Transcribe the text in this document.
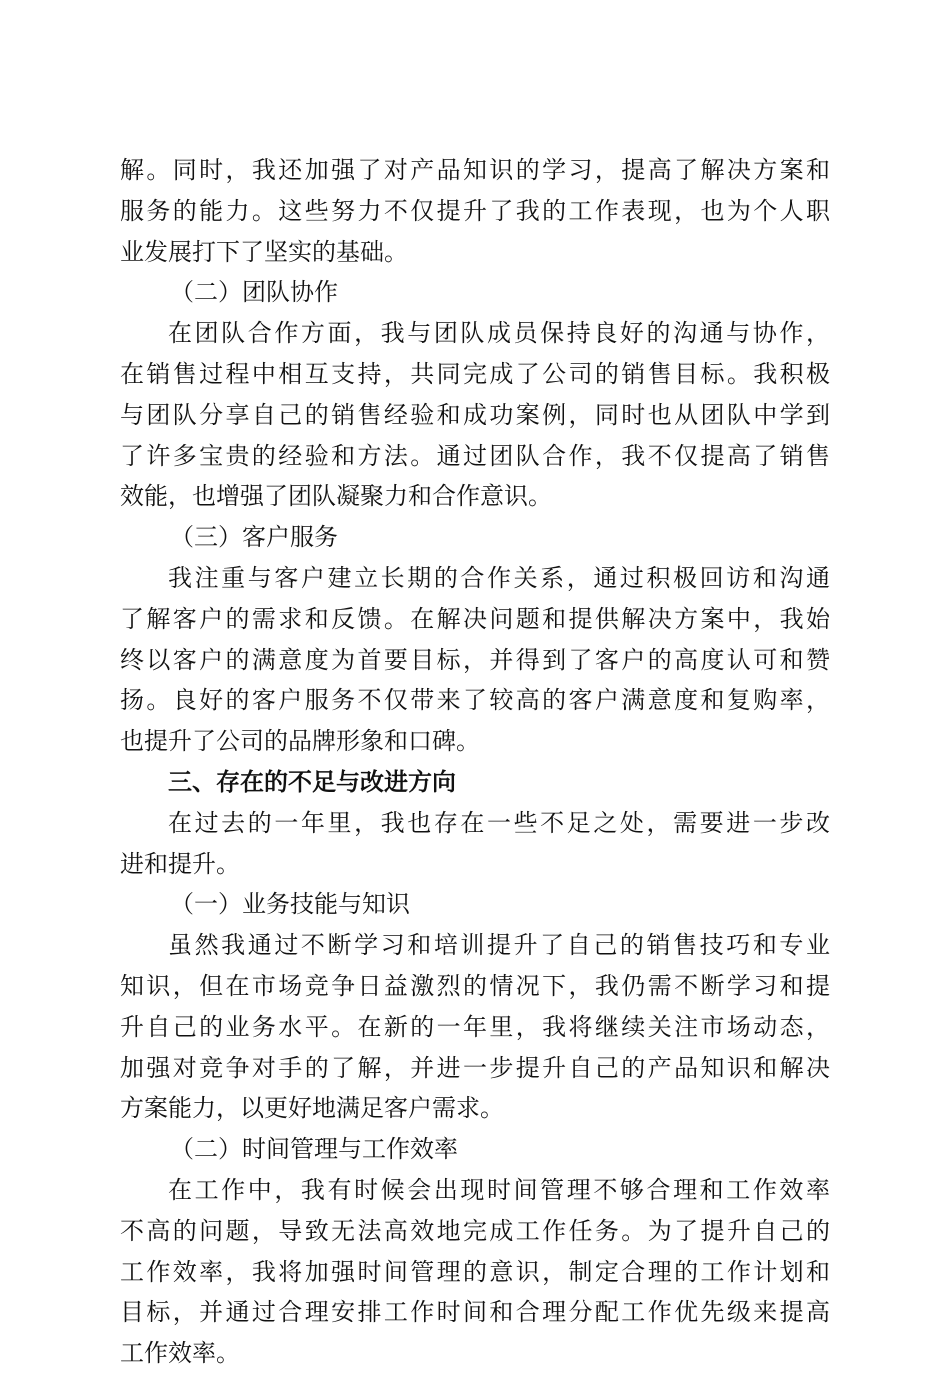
解。同时，我还加强了对产品知识的学习，提高了解决方案和
服务的能力。这些努力不仅提升了我的工作表现，也为个人职
业发展打下了坚实的基础。
（二）团队协作
在团队合作方面，我与团队成员保持良好的沟通与协作，
在销售过程中相互支持，共同完成了公司的销售目标。我积极
与团队分享自己的销售经验和成功案例，同时也从团队中学到
了许多宝贵的经验和方法。通过团队合作，我不仅提高了销售
效能，也增强了团队凝聚力和合作意识。
（三）客户服务
我注重与客户建立长期的合作关系，通过积极回访和沟通
了解客户的需求和反馈。在解决问题和提供解决方案中，我始
终以客户的满意度为首要目标，并得到了客户的高度认可和赞
扬。良好的客户服务不仅带来了较高的客户满意度和复购率，
也提升了公司的品牌形象和口碑。
三、存在的不足与改进方向
在过去的一年里，我也存在一些不足之处，需要进一步改
进和提升。
（一）业务技能与知识
虽然我通过不断学习和培训提升了自己的销售技巧和专业
知识，但在市场竞争日益激烈的情况下，我仍需不断学习和提
升自己的业务水平。在新的一年里，我将继续关注市场动态，
加强对竞争对手的了解，并进一步提升自己的产品知识和解决
方案能力，以更好地满足客户需求。
（二）时间管理与工作效率
在工作中，我有时候会出现时间管理不够合理和工作效率
不高的问题，导致无法高效地完成工作任务。为了提升自己的
工作效率，我将加强时间管理的意识，制定合理的工作计划和
目标，并通过合理安排工作时间和合理分配工作优先级来提高
工作效率。
